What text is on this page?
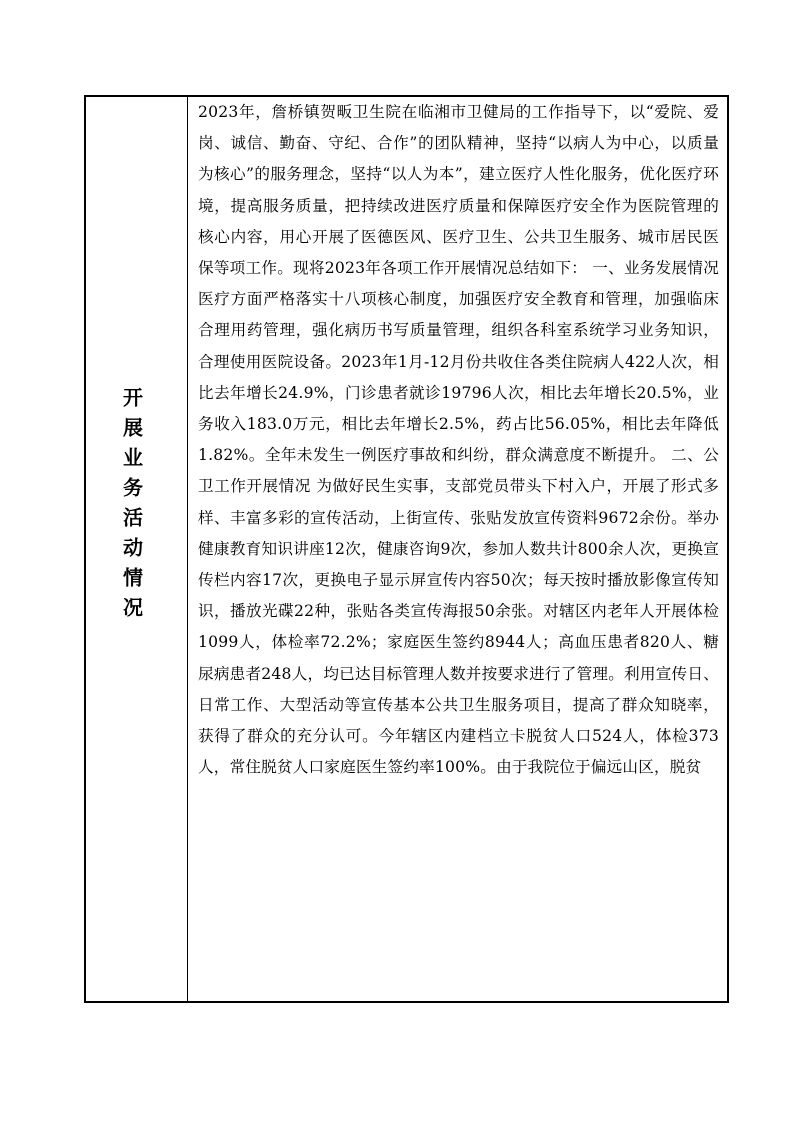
开展业务活动情况

2023年，詹桥镇贺畈卫生院在临湘市卫健局的工作指导下，以“爱院、爱岗、诚信、勤奋、守纪、合作”的团队精神，坚持“以病人为中心，以质量为核心”的服务理念，坚持“以人为本”，建立医疗人性化服务，优化医疗环境，提高服务质量，把持续改进医疗质量和保障医疗安全作为医院管理的核心内容，用心开展了医德医风、医疗卫生、公共卫生服务、城市居民医保等项工作。现将2023年各项工作开展情况总结如下： 一、业务发展情况 医疗方面严格落实十八项核心制度，加强医疗安全教育和管理，加强临床合理用药管理，强化病历书写质量管理，组织各科室系统学习业务知识，合理使用医院设备。2023年1月-12月份共收住各类住院病人422人次，相比去年增长24.9%，门诊患者就诊19796人次，相比去年增长20.5%，业务收入183.0万元，相比去年增长2.5%，药占比56.05%，相比去年降低1.82%。全年未发生一例医疗事故和纠纷，群众满意度不断提升。 二、公卫工作开展情况 为做好民生实事，支部党员带头下村入户，开展了形式多样、丰富多彩的宣传活动，上街宣传、张贴发放宣传资料9672余份。举办健康教育知识讲座12次，健康咨询9次，参加人数共计800余人次，更换宣传栏内容17次，更换电子显示屏宣传内容50次；每天按时播放影像宣传知识，播放光碟22种，张贴各类宣传海报50余张。对辖区内老年人开展体检1099人，体检率72.2%；家庭医生签约8944人；高血压患者820人、糖尿病患者248人，均已达目标管理人数并按要求进行了管理。利用宣传日、日常工作、大型活动等宣传基本公共卫生服务项目，提高了群众知晓率，获得了群众的充分认可。今年辖区内建档立卡脱贫人口524人，体检373人，常住脱贫人口家庭医生签约率100%。由于我院位于偏远山区，脱贫
